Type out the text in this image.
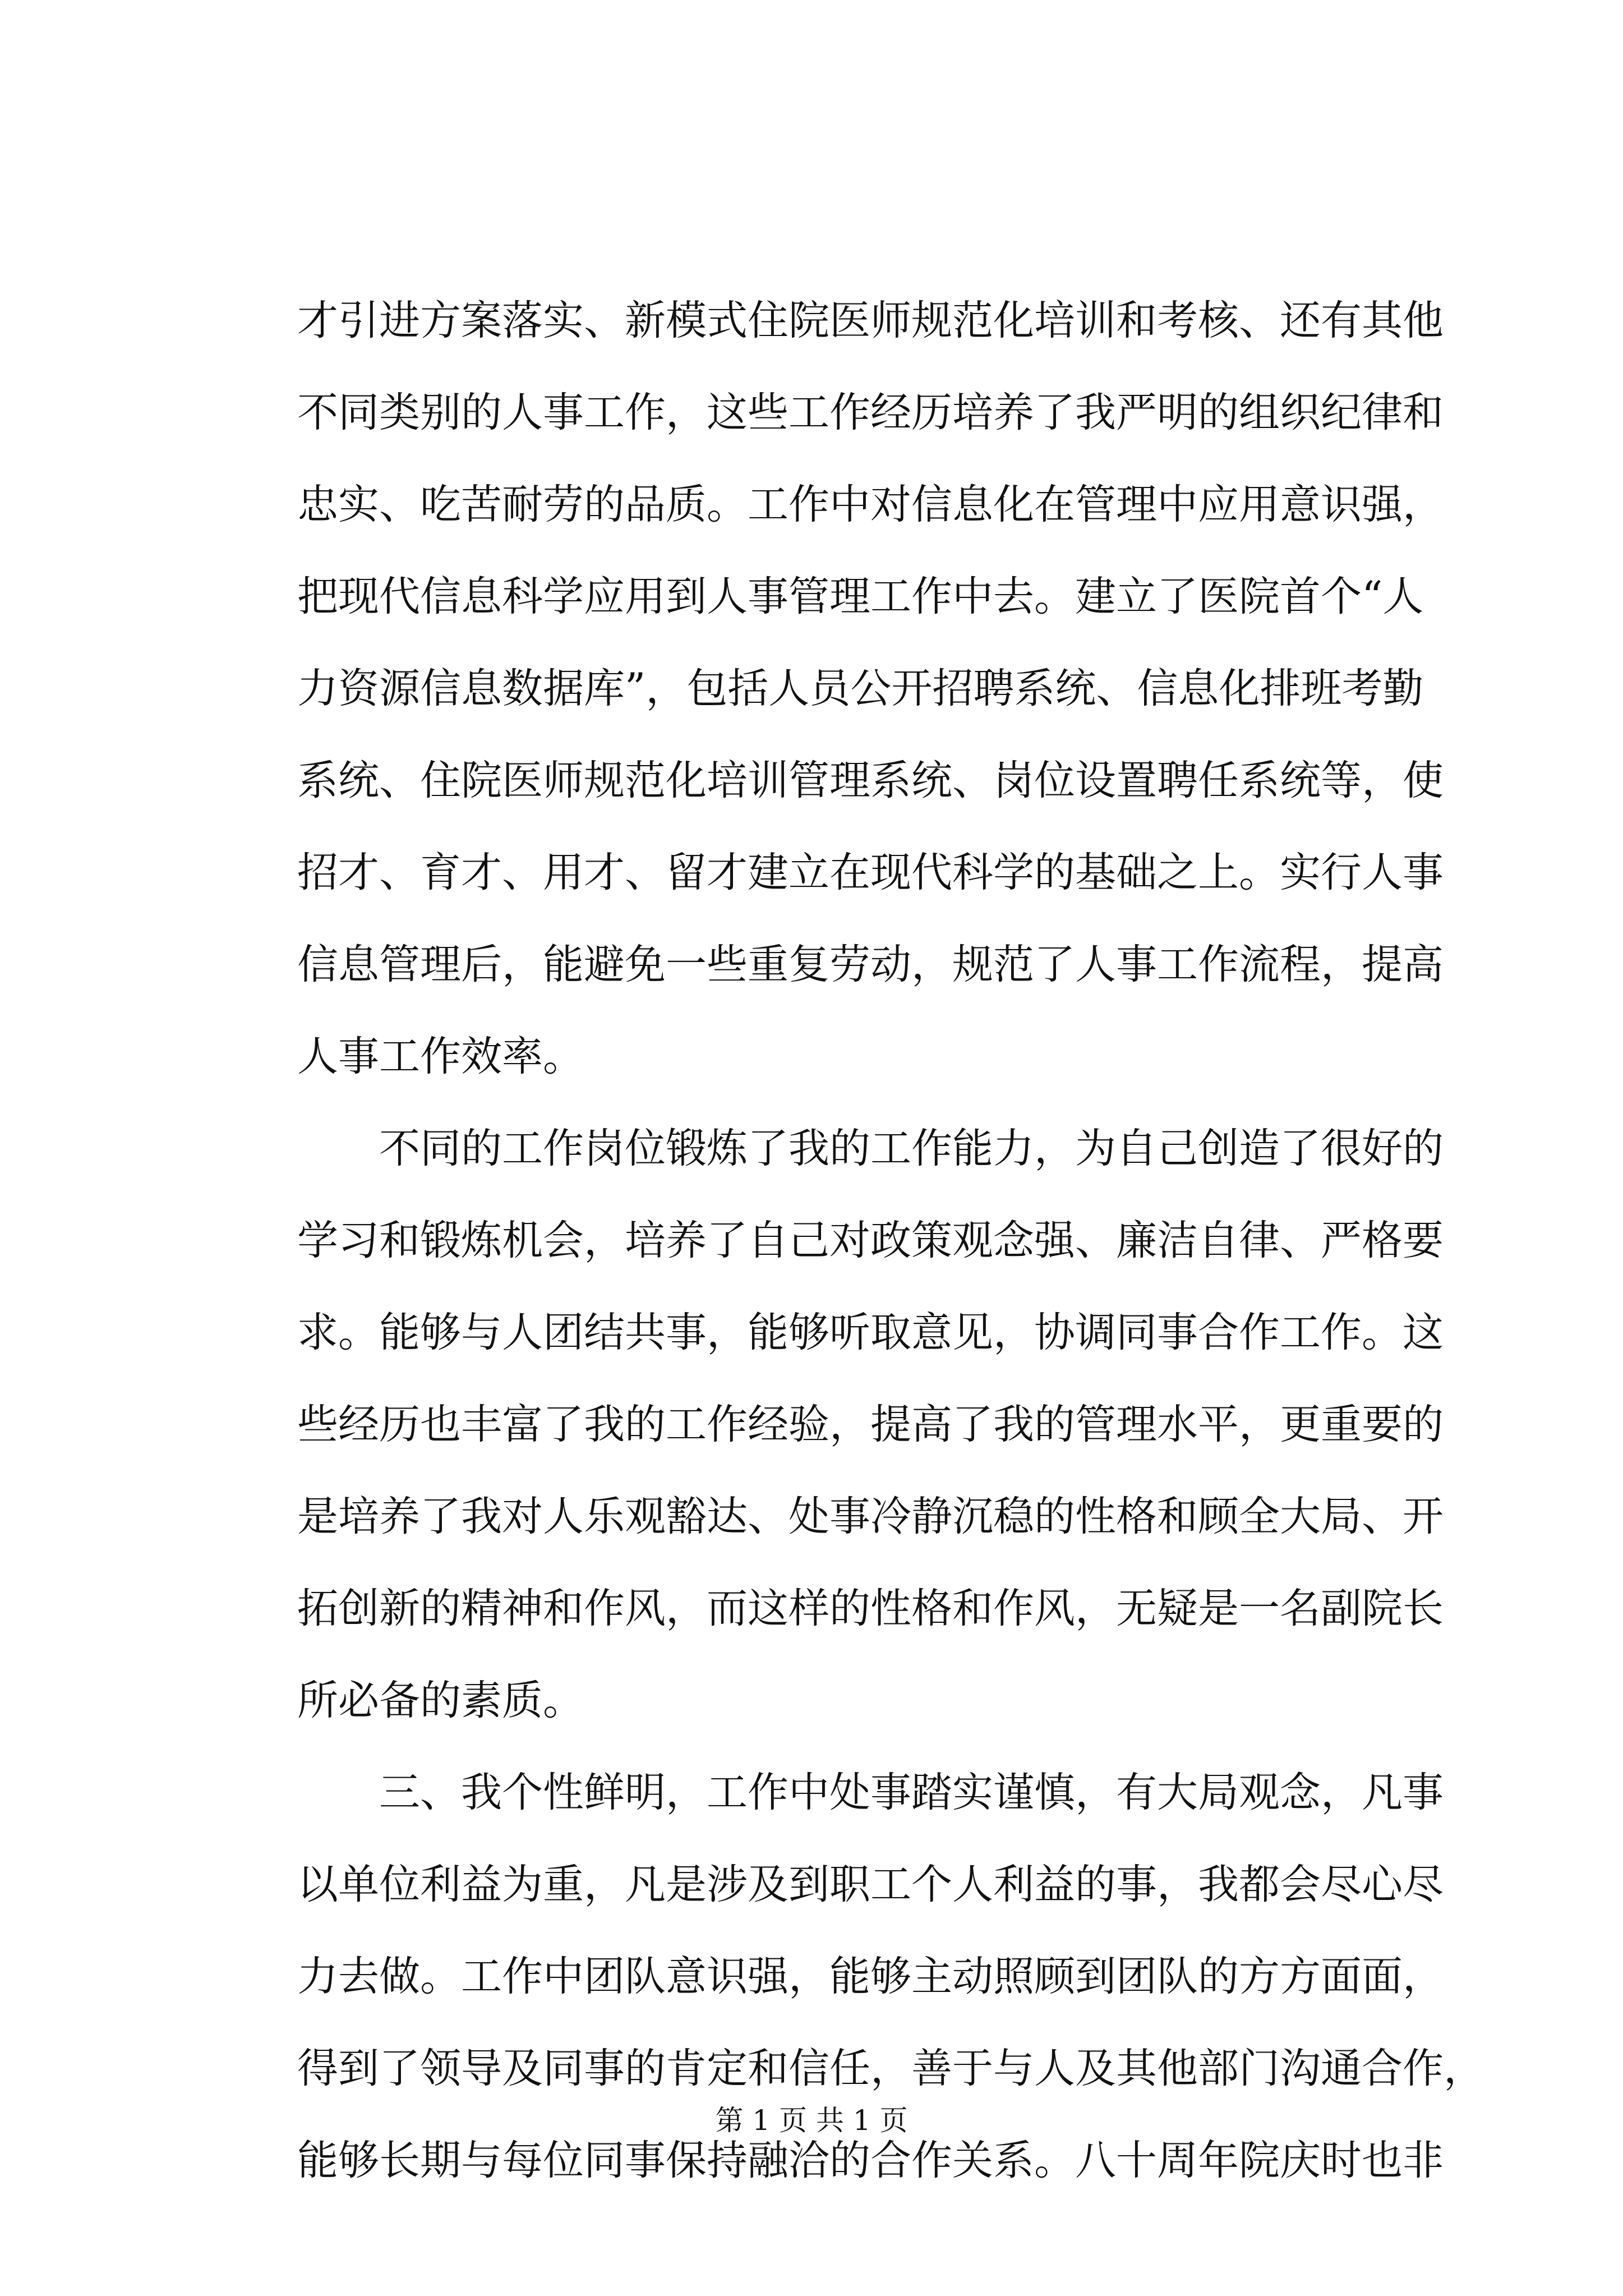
才引进方案落实、新模式住院医师规范化培训和考核、还有其他
不同类别的人事工作，这些工作经历培养了我严明的组织纪律和
忠实、吃苦耐劳的品质。工作中对信息化在管理中应用意识强，
把现代信息科学应用到人事管理工作中去。建立了医院首个“人
力资源信息数据库”，包括人员公开招聘系统、信息化排班考勤
系统、住院医师规范化培训管理系统、岗位设置聘任系统等，使
招才、育才、用才、留才建立在现代科学的基础之上。实行人事
信息管理后，能避免一些重复劳动，规范了人事工作流程，提高
人事工作效率。
　　不同的工作岗位锻炼了我的工作能力，为自己创造了很好的
学习和锻炼机会，培养了自己对政策观念强、廉洁自律、严格要
求。能够与人团结共事，能够听取意见，协调同事合作工作。这
些经历也丰富了我的工作经验，提高了我的管理水平，更重要的
是培养了我对人乐观豁达、处事冷静沉稳的性格和顾全大局、开
拓创新的精神和作风，而这样的性格和作风，无疑是一名副院长
所必备的素质。
　　三、我个性鲜明，工作中处事踏实谨慎，有大局观念，凡事
以单位利益为重，凡是涉及到职工个人利益的事，我都会尽心尽
力去做。工作中团队意识强，能够主动照顾到团队的方方面面，
得到了领导及同事的肯定和信任，善于与人及其他部门沟通合作，
能够长期与每位同事保持融洽的合作关系。八十周年院庆时也非
第 1 页 共 1 页
